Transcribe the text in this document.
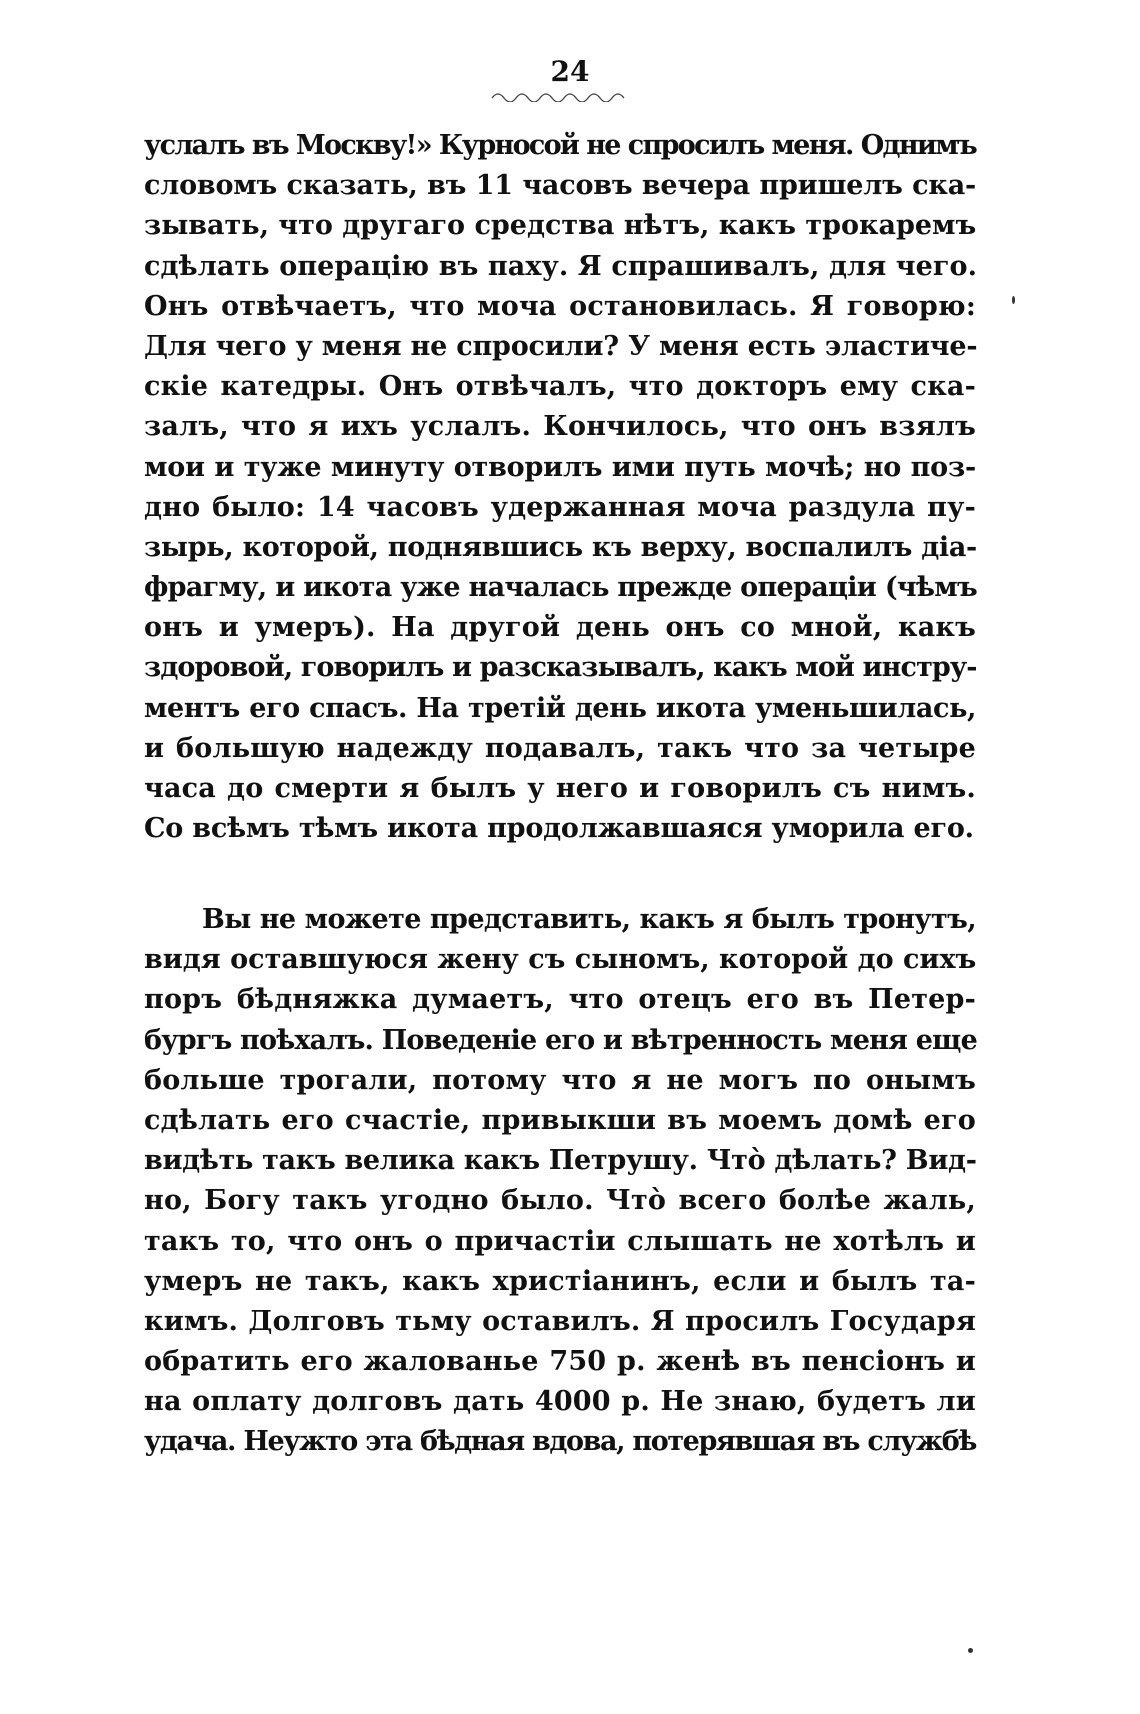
24
услалъ въ Москву!» Курносой не спросилъ меня. Однимъ
словомъ сказать, въ 11 часовъ вечера пришелъ ска-
зывать, что другаго средства нѣтъ, какъ трокаремъ
сдѣлать операцію въ паху. Я спрашивалъ, для чего.
Онъ отвѣчаетъ, что моча остановилась. Я говорю:
Для чего у меня не спросили? У меня есть эластиче-
скіе катедры. Онъ отвѣчалъ, что докторъ ему ска-
залъ, что я ихъ услалъ. Кончилось, что онъ взялъ
мои и туже минуту отворилъ ими путь мочѣ; но поз-
дно было: 14 часовъ удержанная моча раздула пу-
зырь, которой, поднявшись къ верху, воспалилъ діа-
фрагму, и икота уже началась прежде операціи (чѣмъ
онъ и умеръ). На другой день онъ со мной, какъ
здоровой, говорилъ и разсказывалъ, какъ мой инстру-
ментъ его спасъ. На третій день икота уменьшилась,
и большую надежду подавалъ, такъ что за четыре
часа до смерти я былъ у него и говорилъ съ нимъ.
Со всѣмъ тѣмъ икота продолжавшаяся уморила его.
Вы не можете представить, какъ я былъ тронутъ,
видя оставшуюся жену съ сыномъ, которой до сихъ
поръ бѣдняжка думаетъ, что отецъ его въ Петер-
бургъ поѣхалъ. Поведеніе его и вѣтренность меня еще
больше трогали, потому что я не могъ по онымъ
сдѣлать его счастіе, привыкши въ моемъ домѣ его
видѣть такъ велика какъ Петрушу. Что̀ дѣлать? Вид-
но, Богу такъ угодно было. Что̀ всего болѣе жаль,
такъ то, что онъ о причастіи слышать не хотѣлъ и
умеръ не такъ, какъ христіанинъ, если и былъ та-
кимъ. Долговъ тьму оставилъ. Я просилъ Государя
обратить его жалованье 750 р. женѣ въ пенсіонъ и
на оплату долговъ дать 4000 р. Не знаю, будетъ ли
удача. Неужто эта бѣдная вдова, потерявшая въ службѣ
